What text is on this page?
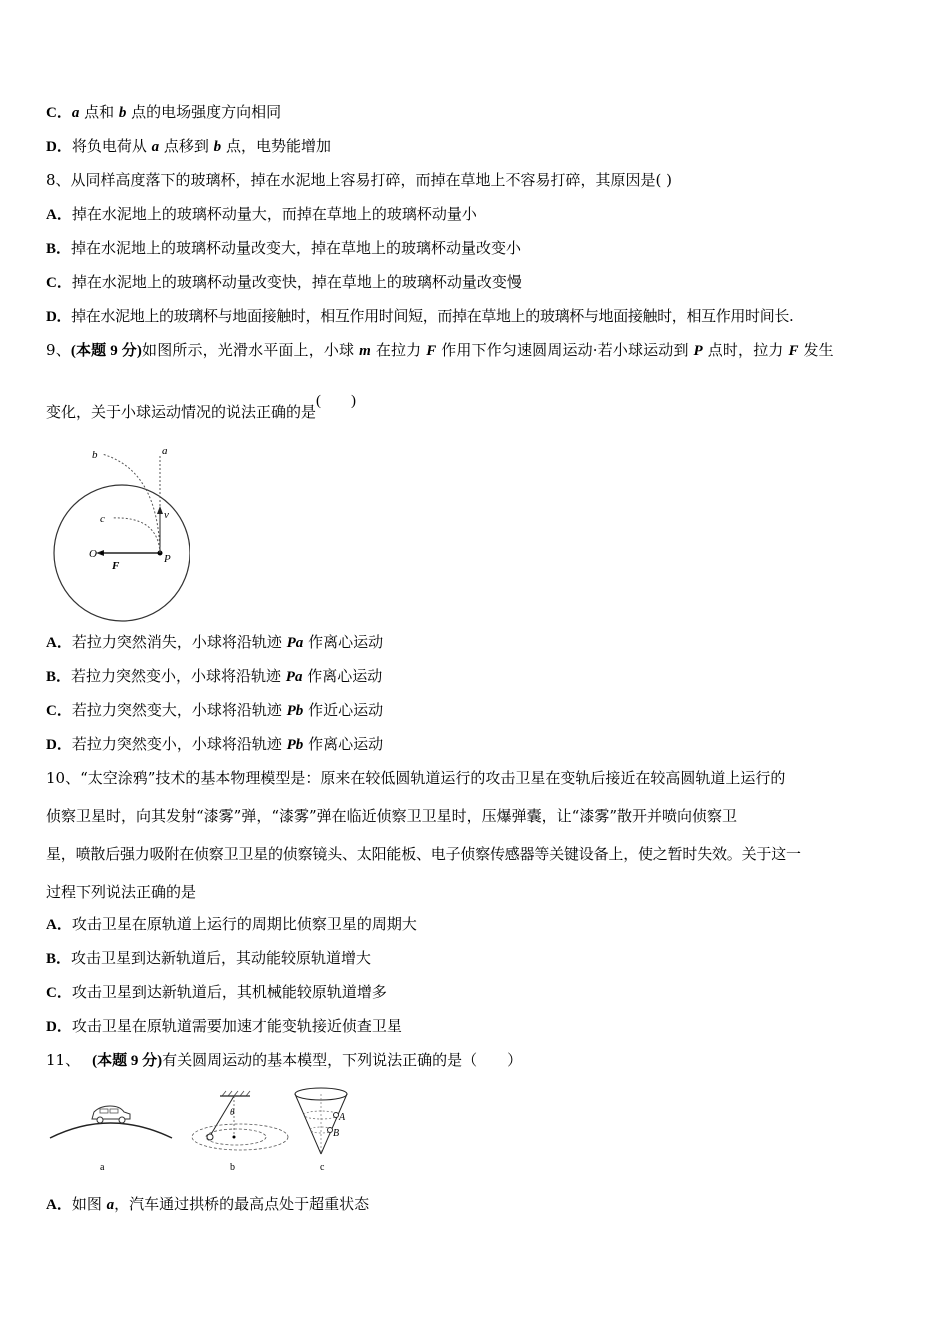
C．a 点和 b 点的电场强度方向相同
D．将负电荷从 a 点移到 b 点，电势能增加
8、从同样高度落下的玻璃杯，掉在水泥地上容易打碎，而掉在草地上不容易打碎，其原因是( )
A．掉在水泥地上的玻璃杯动量大，而掉在草地上的玻璃杯动量小
B．掉在水泥地上的玻璃杯动量改变大，掉在草地上的玻璃杯动量改变小
C．掉在水泥地上的玻璃杯动量改变快，掉在草地上的玻璃杯动量改变慢
D．掉在水泥地上的玻璃杯与地面接触时，相互作用时间短，而掉在草地上的玻璃杯与地面接触时，相互作用时间长.
9、(本题 9 分)如图所示，光滑水平面上，小球 m 在拉力 F 作用下作匀速圆周运动·若小球运动到 P 点时，拉力 F 发生
变化，关于小球运动情况的说法正确的是(　　)
b	a
c	v
O
F
P
A．若拉力突然消失，小球将沿轨迹 Pa 作离心运动
B．若拉力突然变小，小球将沿轨迹 Pa 作离心运动
C．若拉力突然变大，小球将沿轨迹 Pb 作近心运动
D．若拉力突然变小，小球将沿轨迹 Pb 作离心运动
10、“太空涂鸦”技术的基本物理模型是：原来在较低圆轨道运行的攻击卫星在变轨后接近在较高圆轨道上运行的
侦察卫星时，向其发射“漆雾”弹，“漆雾”弹在临近侦察卫卫星时，压爆弹囊，让“漆雾”散开并喷向侦察卫
星，喷散后强力吸附在侦察卫卫星的侦察镜头、太阳能板、电子侦察传感器等关键设备上，使之暂时失效。关于这一
过程下列说法正确的是
A．攻击卫星在原轨道上运行的周期比侦察卫星的周期大
B．攻击卫星到达新轨道后，其动能较原轨道增大
C．攻击卫星到达新轨道后，其机械能较原轨道增多
D．攻击卫星在原轨道需要加速才能变轨接近侦查卫星
11、 (本题 9 分)有关圆周运动的基本模型，下列说法正确的是（　　）
a
θ
b
A
B
c
A．如图 a，汽车通过拱桥的最高点处于超重状态
